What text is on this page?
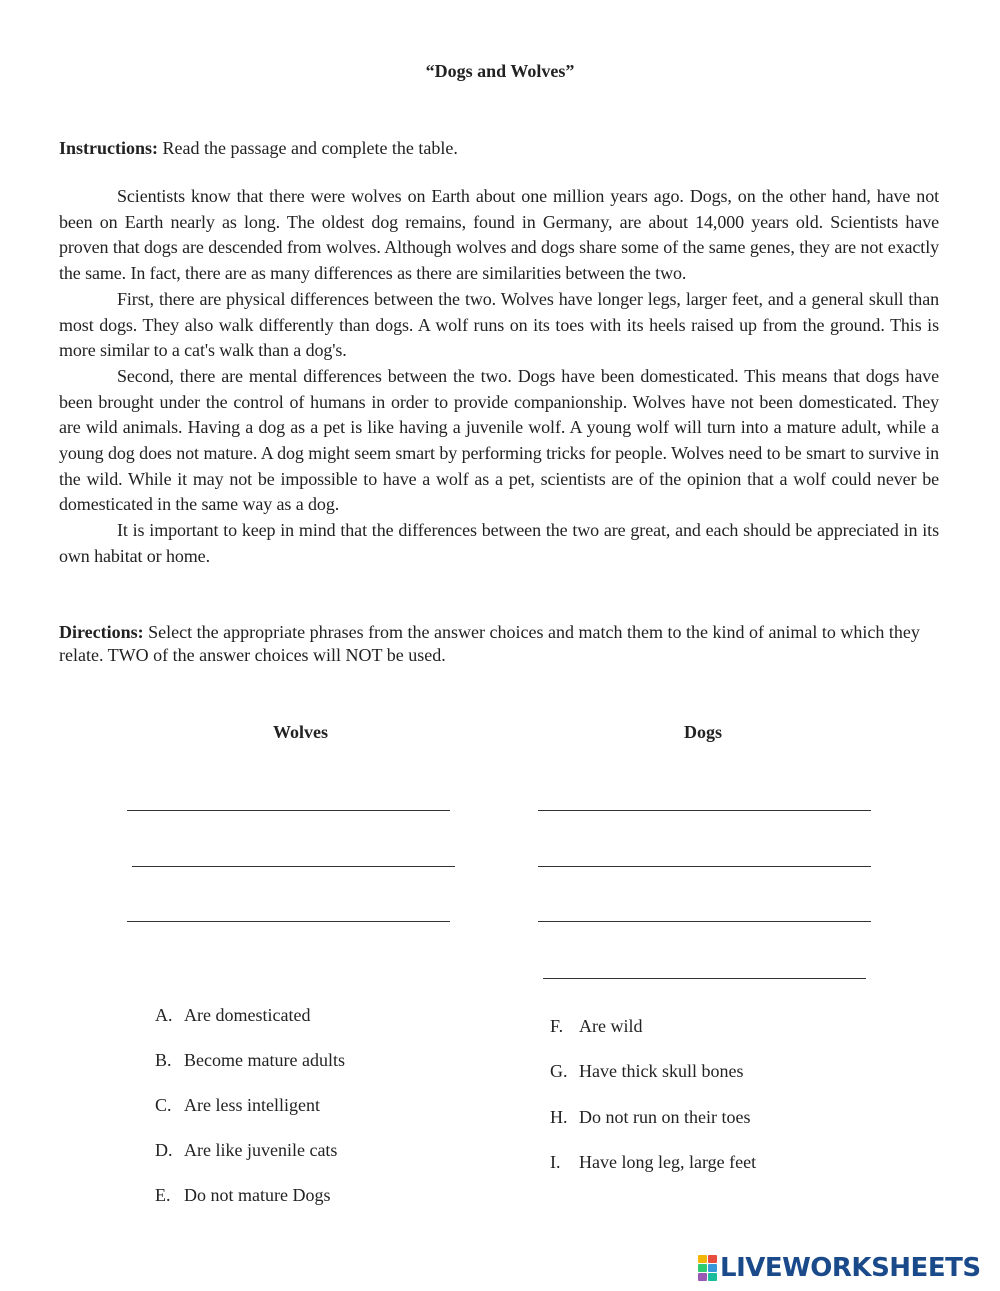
“Dogs and Wolves”
Instructions: Read the passage and complete the table.

Scientists know that there were wolves on Earth about one million years ago. Dogs, on the other hand, have not been on Earth nearly as long. The oldest dog remains, found in Germany, are about 14,000 years old. Scientists have proven that dogs are descended from wolves. Although wolves and dogs share some of the same genes, they are not exactly the same. In fact, there are as many differences as there are similarities between the two.

First, there are physical differences between the two. Wolves have longer legs, larger feet, and a general skull than most dogs. They also walk differently than dogs. A wolf runs on its toes with its heels raised up from the ground. This is more similar to a cat's walk than a dog's.

Second, there are mental differences between the two. Dogs have been domesticated. This means that dogs have been brought under the control of humans in order to provide companionship. Wolves have not been domesticated. They are wild animals. Having a dog as a pet is like having a juvenile wolf. A young wolf will turn into a mature adult, while a young dog does not mature. A dog might seem smart by performing tricks for people. Wolves need to be smart to survive in the wild. While it may not be impossible to have a wolf as a pet, scientists are of the opinion that a wolf could never be domesticated in the same way as a dog.

It is important to keep in mind that the differences between the two are great, and each should be appreciated in its own habitat or home.

Directions: Select the appropriate phrases from the answer choices and match them to the kind of animal to which they relate. TWO of the answer choices will NOT be used.
Wolves	Dogs
A. Are domesticated
B. Become mature adults
C. Are less intelligent
D. Are like juvenile cats
E. Do not mature Dogs
F. Are wild
G. Have thick skull bones
H. Do not run on their toes
I. Have long leg, large feet
LIVEWORKSHEETS
